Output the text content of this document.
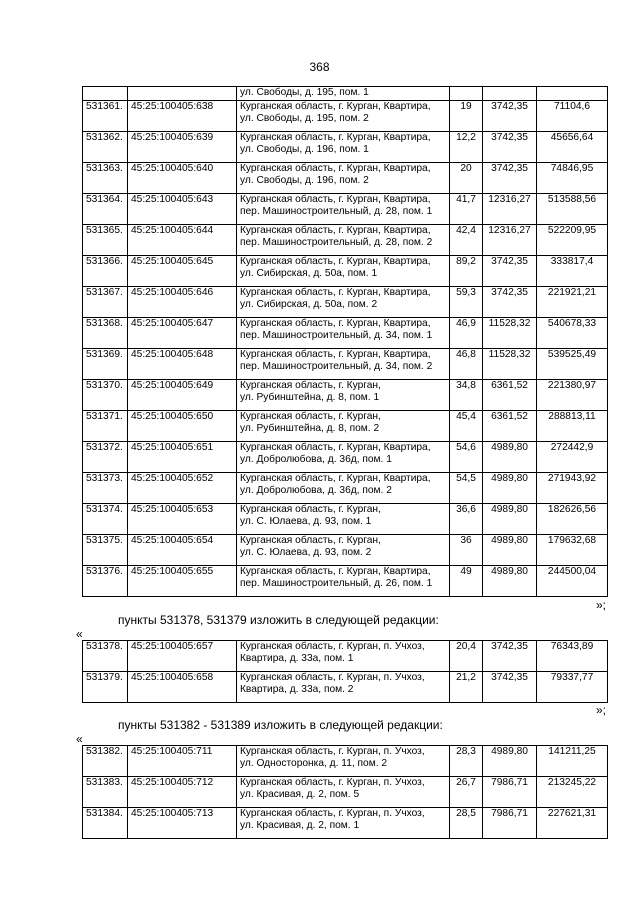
368
		ул. Свободы, д. 195, пом. 1			
531361.	45:25:100405:638	Курганская область, г. Курган, Квартира,
ул. Свободы, д. 195, пом. 2	19	3742,35	71104,6
531362.	45:25:100405:639	Курганская область, г. Курган, Квартира,
ул. Свободы, д. 196, пом. 1	12,2	3742,35	45656,64
531363.	45:25:100405:640	Курганская область, г. Курган, Квартира,
ул. Свободы, д. 196, пом. 2	20	3742,35	74846,95
531364.	45:25:100405:643	Курганская область, г. Курган, Квартира,
пер. Машиностроительный, д. 28, пом. 1	41,7	12316,27	513588,56
531365.	45:25:100405:644	Курганская область, г. Курган, Квартира,
пер. Машиностроительный, д. 28, пом. 2	42,4	12316,27	522209,95
531366.	45:25:100405:645	Курганская область, г. Курган, Квартира,
ул. Сибирская, д. 50а, пом. 1	89,2	3742,35	333817,4
531367.	45:25:100405:646	Курганская область, г. Курган, Квартира,
ул. Сибирская, д. 50а, пом. 2	59,3	3742,35	221921,21
531368.	45:25:100405:647	Курганская область, г. Курган, Квартира,
пер. Машиностроительный, д. 34, пом. 1	46,9	11528,32	540678,33
531369.	45:25:100405:648	Курганская область, г. Курган, Квартира,
пер. Машиностроительный, д. 34, пом. 2	46,8	11528,32	539525,49
531370.	45:25:100405:649	Курганская область, г. Курган,
ул. Рубинштейна, д. 8, пом. 1	34,8	6361,52	221380,97
531371.	45:25:100405:650	Курганская область, г. Курган,
ул. Рубинштейна, д. 8, пом. 2	45,4	6361,52	288813,11
531372.	45:25:100405:651	Курганская область, г. Курган, Квартира,
ул. Добролюбова, д. 36д, пом. 1	54,6	4989,80	272442,9
531373.	45:25:100405:652	Курганская область, г. Курган, Квартира,
ул. Добролюбова, д. 36д, пом. 2	54,5	4989,80	271943,92
531374.	45:25:100405:653	Курганская область, г. Курган,
ул. С. Юлаева, д. 93, пом. 1	36,6	4989,80	182626,56
531375.	45:25:100405:654	Курганская область, г. Курган,
ул. С. Юлаева, д. 93, пом. 2	36	4989,80	179632,68
531376.	45:25:100405:655	Курганская область, г. Курган, Квартира,
пер. Машиностроительный, д. 26, пом. 1	49	4989,80	244500,04
»;
пункты 531378, 531379 изложить в следующей редакции:
«
531378.	45:25:100405:657	Курганская область, г. Курган, п. Учхоз,
Квартира, д. 33а, пом. 1	20,4	3742,35	76343,89
531379.	45:25:100405:658	Курганская область, г. Курган, п. Учхоз,
Квартира, д. 33а, пом. 2	21,2	3742,35	79337,77
»;
пункты 531382 - 531389 изложить в следующей редакции:
«
531382.	45:25:100405:711	Курганская область, г. Курган, п. Учхоз,
ул. Односторонка, д. 11, пом. 2	28,3	4989,80	141211,25
531383.	45:25:100405:712	Курганская область, г. Курган, п. Учхоз,
ул. Красивая, д. 2, пом. 5	26,7	7986,71	213245,22
531384.	45:25:100405:713	Курганская область, г. Курган, п. Учхоз,
ул. Красивая, д. 2, пом. 1	28,5	7986,71	227621,31
